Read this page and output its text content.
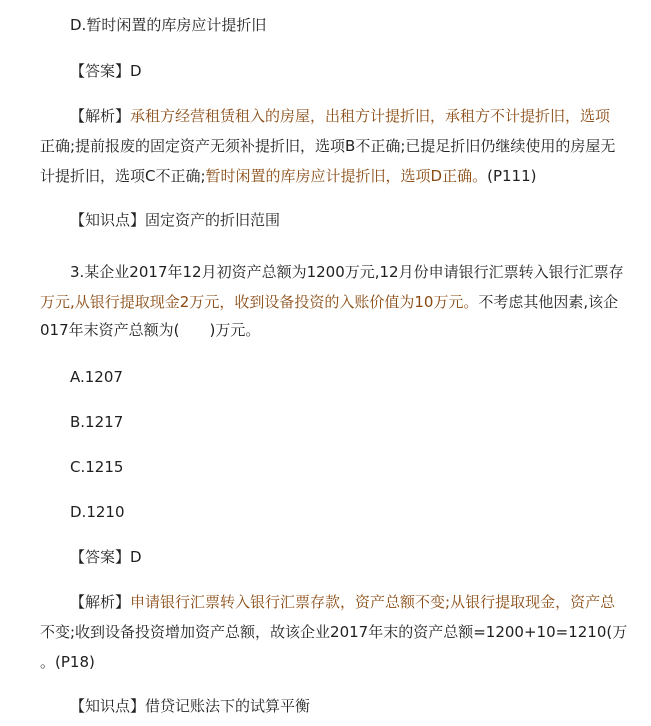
D.暂时闲置的库房应计提折旧
【答案】D
【解析】承租方经营租赁租入的房屋，出租方计提折旧，承租方不计提折旧，选项
正确;提前报废的固定资产无须补提折旧，选项B不正确;已提足折旧仍继续使用的房屋无
计提折旧，选项C不正确;暂时闲置的库房应计提折旧，选项D正确。(P111)
【知识点】固定资产的折旧范围
3.某企业2017年12月初资产总额为1200万元,12月份申请银行汇票转入银行汇票存
万元,从银行提取现金2万元，收到设备投资的入账价值为10万元。不考虑其他因素,该企
017年末资产总额为(　　)万元。
A.1207
B.1217
C.1215
D.1210
【答案】D
【解析】申请银行汇票转入银行汇票存款，资产总额不变;从银行提取现金，资产总
不变;收到设备投资增加资产总额，故该企业2017年末的资产总额=1200+10=1210(万
。(P18)
【知识点】借贷记账法下的试算平衡
